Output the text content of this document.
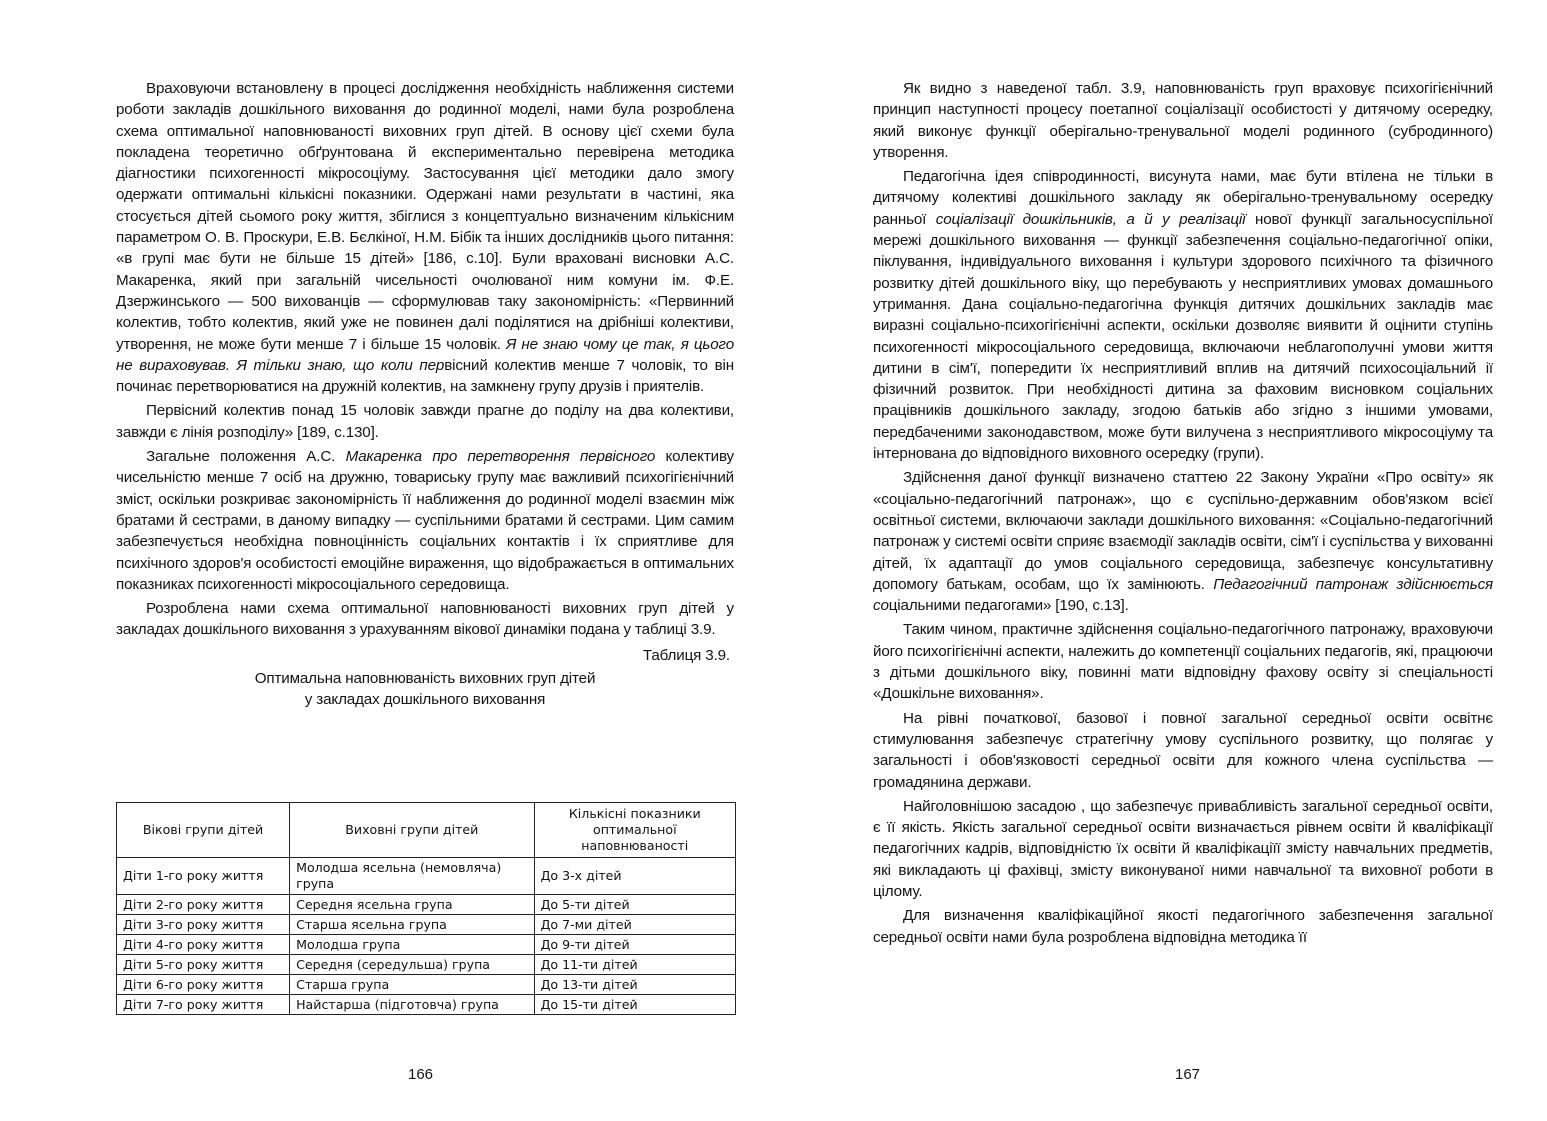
Враховуючи встановлену в процесі дослідження необхідність наближення системи роботи закладів дошкільного виховання до родинної моделі, нами була розроблена схема оптимальної наповнюваності виховних груп дітей. В основу цієї схеми була покладена теоретично обґрунтована й експериментально перевірена методика діагностики психогенності мікросоціуму. Застосування цієї методики дало змогу одержати оптимальні кількісні показники. Одержані нами результати в частині, яка стосується дітей сьомого року життя, збіглися з концептуально визначеним кількісним параметром О. В. Проскури, Е.В. Бєлкіної, Н.М. Бібік та інших дослідників цього питання: «в групі має бути не більше 15 дітей» [186, с.10]. Були враховані висновки А.С. Макаренка, який при загальній чисельності очолюваної ним комуни ім. Ф.Е. Дзержинського — 500 вихованців — сформулював таку закономірність: «Первинний колектив, тобто колектив, який уже не повинен далі поділятися на дрібніші колективи, утворення, не може бути менше 7 і більше 15 чоловік. Я не знаю чому це так, я цього не вираховував. Я тільки знаю, що коли первісний колектив менше 7 чоловік, то він починає перетворюватися на дружній колектив, на замкнену групу друзів і приятелів.

Первісний колектив понад 15 чоловік завжди прагне до поділу на два колективи, завжди є лінія розподілу» [189, с.130].

Загальне положення А.С. Макаренка про перетворення первісного колективу чисельністю менше 7 осіб на дружню, товариську групу має важливий психогігієнічний зміст, оскільки розкриває закономірність її наближення до родинної моделі взаємин між братами й сестрами, в даному випадку — суспільними братами й сестрами. Цим самим забезпечується необхідна повноцінність соціальних контактів і їх сприятливе для психічного здоров'я особистості емоційне вираження, що відображається в оптимальних показниках психогенності мікросоціального середовища.

Розроблена нами схема оптимальної наповнюваності виховних груп дітей у закладах дошкільного виховання з урахуванням вікової динаміки подана у таблиці 3.9.

Таблиця 3.9.
Оптимальна наповнюваність виховних груп дітей
у закладах дошкільного виховання
Вікові групи дітей	Виховні групи дітей	Кількісні показники оптимальної наповнюваності
Діти 1-го року життя	Молодша ясельна (немовляча) група	До 3-х дітей
Діти 2-го року життя	Середня ясельна група	До 5-ти дітей
Діти 3-го року життя	Старша ясельна група	До 7-ми дітей
Діти 4-го року життя	Молодша група	До 9-ти дітей
Діти 5-го року життя	Середня (середульша) група	До 11-ти дітей
Діти 6-го року життя	Старша група	До 13-ти дітей
Діти 7-го року життя	Найстарша (підготовча) група	До 15-ти дітей
166

Як видно з наведеної табл. 3.9, наповнюваність груп враховує психогігієнічний принцип наступності процесу поетапної соціалізації особистості у дитячому осередку, який виконує функції оберігально-тренувальної моделі родинного (субродинного) утворення.

Педагогічна ідея співродинності, висунута нами, має бути втілена не тільки в дитячому колективі дошкільного закладу як оберігально-тренувальному осередку ранньої соціалізації дошкільників, а й у реалізації нової функції загальносуспільної мережі дошкільного виховання — функції забезпечення соціально-педагогічної опіки, піклування, індивідуального виховання і культури здорового психічного та фізичного розвитку дітей дошкільного віку, що перебувають у несприятливих умовах домашнього утримання. Дана соціально-педагогічна функція дитячих дошкільних закладів має виразні соціально-психогігієнічні аспекти, оскільки дозволяє виявити й оцінити ступінь психогенності мікросоціального середовища, включаючи неблагополучні умови життя дитини в сім'ї, попередити їх несприятливий вплив на дитячий психосоціальний ії фізичний розвиток. При необхідності дитина за фаховим висновком соціальних працівників дошкільного закладу, згодою батьків або згідно з іншими умовами, передбаченими законодавством, може бути вилучена з несприятливого мікросоціуму та інтернована до відповідного виховного осередку (групи).

Здійснення даної функції визначено статтею 22 Закону України «Про освіту» як «соціально-педагогічний патронаж», що є суспільно-державним обов'язком всієї освітньої системи, включаючи заклади дошкільного виховання: «Соціально-педагогічний патронаж у системі освіти сприяє взаємодії закладів освіти, сім'ї і суспільства у вихованні дітей, їх адаптації до умов соціального середовища, забезпечує консультативну допомогу батькам, особам, що їх замінюють. Педагогічний патронаж здійснюється соціальними педагогами» [190, с.13].

Таким чином, практичне здійснення соціально-педагогічного патронажу, враховуючи його психогігієнічні аспекти, належить до компетенції соціальних педагогів, які, працюючи з дітьми дошкільного віку, повинні мати відповідну фахову освіту зі спеціальності «Дошкільне виховання».

На рівні початкової, базової і повної загальної середньої освіти освітнє стимулювання забезпечує стратегічну умову суспільного розвитку, що полягає у загальності і обов'язковості середньої освіти для кожного члена суспільства — громадянина держави.

Найголовнішою засадою , що забезпечує привабливість загальної середньої освіти, є її якість. Якість загальної середньої освіти визначається рівнем освіти й кваліфікації педагогічних кадрів, відповідністю їх освіти й кваліфікаціїї змісту навчальних предметів, які викладають ці фахівці, змісту виконуваної ними навчальної та виховної роботи в цілому.

Для визначення кваліфікаційної якості педагогічного забезпечення загальної середньої освіти нами була розроблена відповідна методика її

167
